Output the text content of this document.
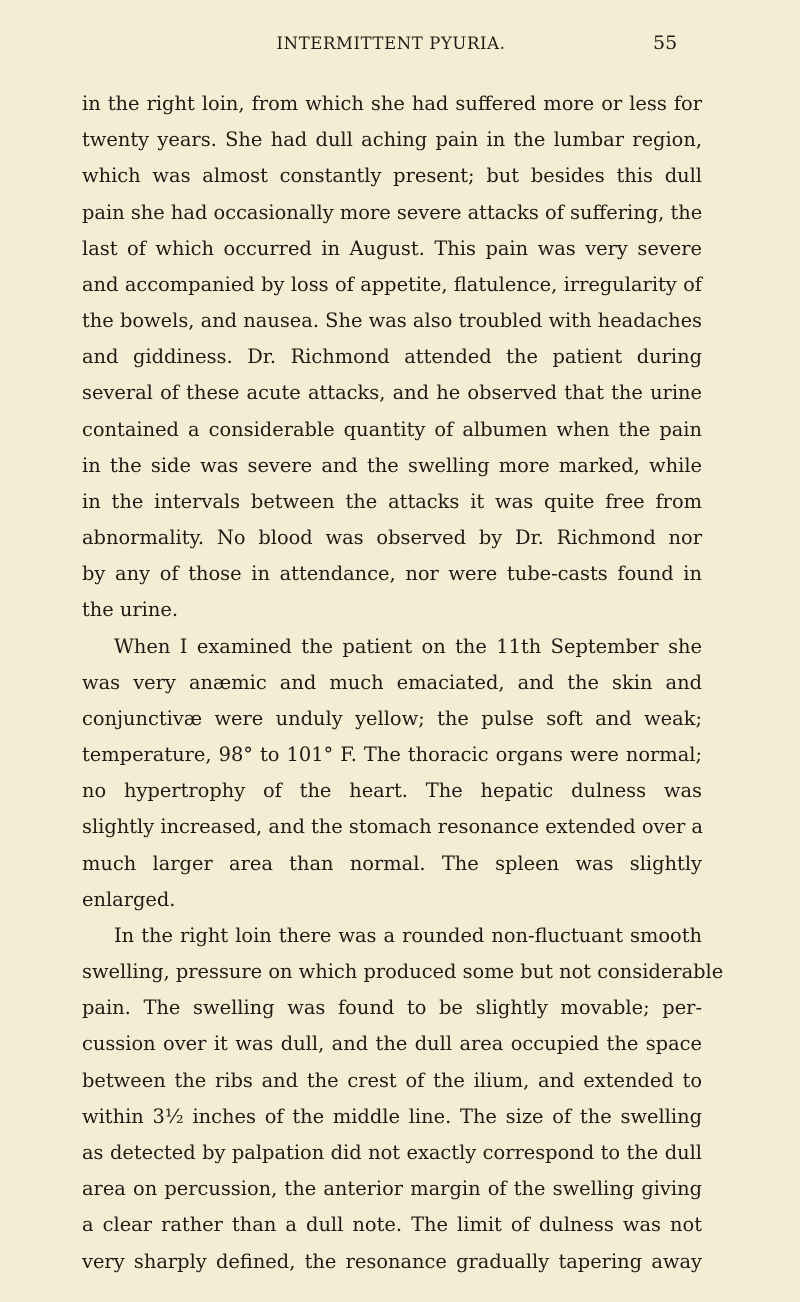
INTERMITTENT PYURIA.	55
in the right loin, from which she had suffered more or less for
twenty years. She had dull aching pain in the lumbar region,
which was almost constantly present; but besides this dull
pain she had occasionally more severe attacks of suffering, the
last of which occurred in August. This pain was very severe
and accompanied by loss of appetite, flatulence, irregularity of
the bowels, and nausea. She was also troubled with headaches
and giddiness. Dr. Richmond attended the patient during
several of these acute attacks, and he observed that the urine
contained a considerable quantity of albumen when the pain
in the side was severe and the swelling more marked, while
in the intervals between the attacks it was quite free from
abnormality. No blood was observed by Dr. Richmond nor
by any of those in attendance, nor were tube-casts found in
the urine.
When I examined the patient on the 11th September she
was very anæmic and much emaciated, and the skin and
conjunctivæ were unduly yellow; the pulse soft and weak;
temperature, 98° to 101° F. The thoracic organs were normal;
no hypertrophy of the heart. The hepatic dulness was
slightly increased, and the stomach resonance extended over a
much larger area than normal. The spleen was slightly
enlarged.
In the right loin there was a rounded non-fluctuant smooth
swelling, pressure on which produced some but not considerable
pain. The swelling was found to be slightly movable; per-
cussion over it was dull, and the dull area occupied the space
between the ribs and the crest of the ilium, and extended to
within 3½ inches of the middle line. The size of the swelling
as detected by palpation did not exactly correspond to the dull
area on percussion, the anterior margin of the swelling giving
a clear rather than a dull note. The limit of dulness was not
very sharply defined, the resonance gradually tapering away
